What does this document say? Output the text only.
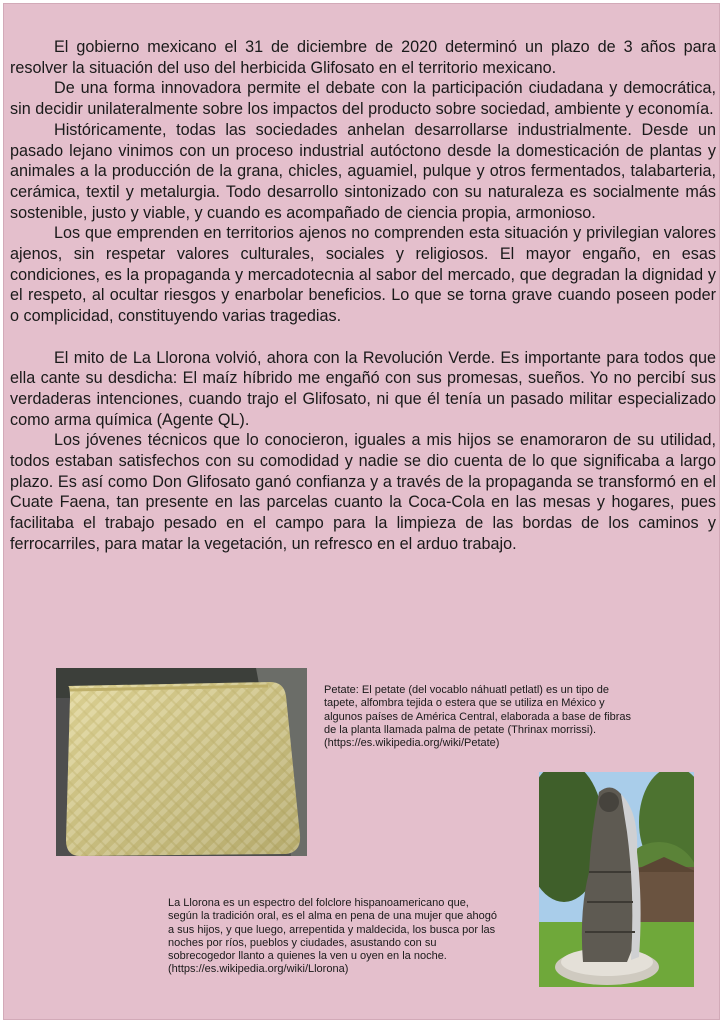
El gobierno mexicano el 31 de diciembre de 2020 determinó un plazo de 3 años para resolver la situación del uso del herbicida Glifosato en el territorio mexicano.

De una forma innovadora permite el debate con la participación ciudadana y democrática, sin decidir unilateralmente sobre los impactos del producto sobre sociedad, ambiente y economía.

Históricamente, todas las sociedades anhelan desarrollarse industrialmente. Desde un pasado lejano vinimos con un proceso industrial autóctono desde la domesticación de plantas y animales a la producción de la grana, chicles, aguamiel, pulque y otros fermentados, talabarteria, cerámica, textil y metalurgia. Todo desarrollo sintonizado con su naturaleza es socialmente más sostenible, justo y viable, y cuando es acompañado de ciencia propia, armonioso.

Los que emprenden en territorios ajenos no comprenden esta situación y privilegian valores ajenos, sin respetar valores culturales, sociales y religiosos. El mayor engaño, en esas condiciones, es la propaganda y mercadotecnia al sabor del mercado, que degradan la dignidad y el respeto, al ocultar riesgos y enarbolar beneficios. Lo que se torna grave cuando poseen poder o complicidad, constituyendo varias tragedias.

El mito de La Llorona volvió, ahora con la Revolución Verde. Es importante para todos que ella cante su desdicha: El maíz híbrido me engañó con sus promesas, sueños. Yo no percibí sus verdaderas intenciones, cuando trajo el Glifosato, ni que él tenía un pasado militar especializado como arma química (Agente QL).

Los jóvenes técnicos que lo conocieron, iguales a mis hijos se enamoraron de su utilidad, todos estaban satisfechos con su comodidad y nadie se dio cuenta de lo que significaba a largo plazo. Es así como Don Glifosato ganó confianza y a través de la propaganda se transformó en el Cuate Faena, tan presente en las parcelas cuanto la Coca-Cola en las mesas y hogares, pues facilitaba el trabajo pesado en el campo para la limpieza de las bordas de los caminos y ferrocarriles, para matar la vegetación, un refresco en el arduo trabajo.

Petate: El petate (del vocablo náhuatl petlatl) es un tipo de tapete, alfombra tejida o estera que se utiliza en México y algunos países de América Central, elaborada a base de fibras de la planta llamada palma de petate (Thrinax morrissi). (https://es.wikipedia.org/wiki/Petate)
La Llorona es un espectro del folclore hispanoamericano que, según la tradición oral, es el alma en pena de una mujer que ahogó a sus hijos, y que luego, arrepentida y maldecida, los busca por las noches por ríos, pueblos y ciudades, asustando con su sobrecogedor llanto a quienes la ven u oyen en la noche. (https://es.wikipedia.org/wiki/Llorona)
